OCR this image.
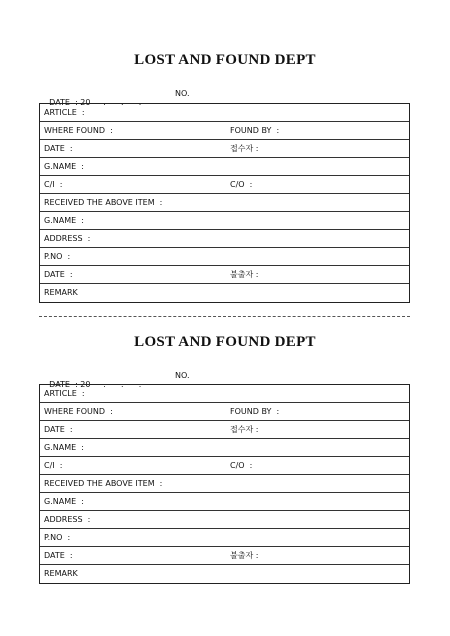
LOST AND FOUND DEPT

DATE  : 20     .      .      .

NO.

ARTICLE  :
WHERE FOUND  :	FOUND BY  :
DATE  :	접수자 :
G.NAME  :
C/I  :	C/O  :
RECEIVED THE ABOVE ITEM  :
G.NAME  :
ADDRESS  :
P.NO  :
DATE  :	불출자 :
REMARK
LOST AND FOUND DEPT

DATE  : 20     .      .      .

NO.

ARTICLE  :
WHERE FOUND  :	FOUND BY  :
DATE  :	접수자 :
G.NAME  :
C/I  :	C/O  :
RECEIVED THE ABOVE ITEM  :
G.NAME  :
ADDRESS  :
P.NO  :
DATE  :	불출자 :
REMARK
